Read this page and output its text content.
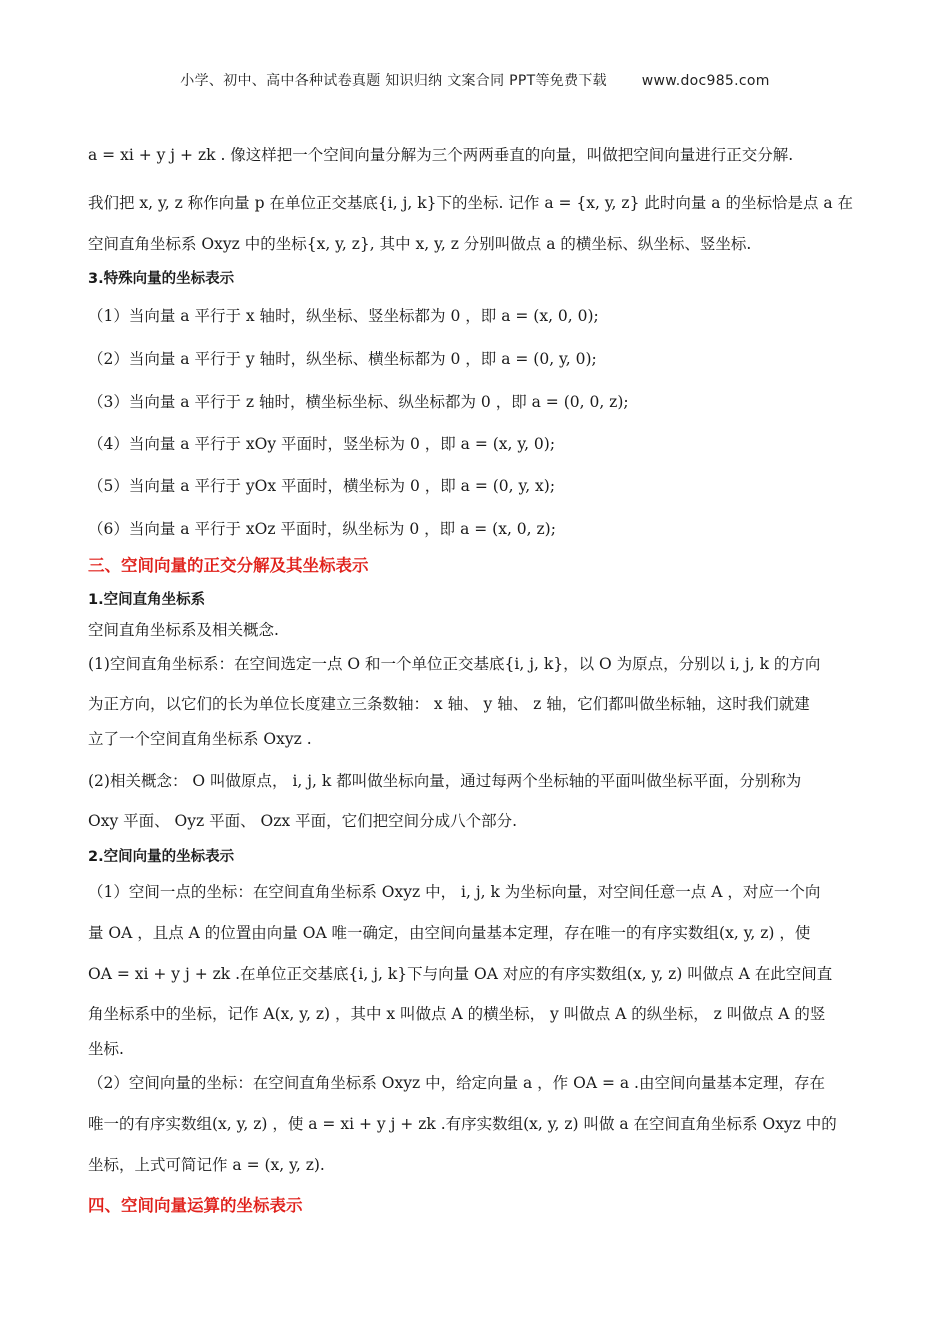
小学、初中、高中各种试卷真题 知识归纳 文案合同 PPT等免费下载 www.doc985.com

a = xi + y j + zk . 像这样把一个空间向量分解为三个两两垂直的向量，叫做把空间向量进行正交分解.

我们把 x, y, z 称作向量 p 在单位正交基底{i, j, k}下的坐标. 记作 a = {x, y, z} 此时向量 a 的坐标恰是点 a 在

空间直角坐标系 Oxyz 中的坐标{x, y, z}, 其中 x, y, z 分别叫做点 a 的横坐标、纵坐标、竖坐标.

3.特殊向量的坐标表示

（1）当向量 a 平行于 x 轴时，纵坐标、竖坐标都为 0 ，即 a = (x, 0, 0);

（2）当向量 a 平行于 y 轴时，纵坐标、横坐标都为 0 ，即 a = (0, y, 0);

（3）当向量 a 平行于 z 轴时，横坐标坐标、纵坐标都为 0 ，即 a = (0, 0, z);

（4）当向量 a 平行于 xOy 平面时，竖坐标为 0 ，即 a = (x, y, 0);

（5）当向量 a 平行于 yOx 平面时，横坐标为 0 ，即 a = (0, y, x);

（6）当向量 a 平行于 xOz 平面时，纵坐标为 0 ，即 a = (x, 0, z);

三、空间向量的正交分解及其坐标表示

1.空间直角坐标系

空间直角坐标系及相关概念.

(1)空间直角坐标系：在空间选定一点 O 和一个单位正交基底{i, j, k}，以 O 为原点，分别以 i, j, k 的方向

为正方向，以它们的长为单位长度建立三条数轴： x 轴、 y 轴、 z 轴，它们都叫做坐标轴，这时我们就建

立了一个空间直角坐标系 Oxyz .

(2)相关概念： O 叫做原点， i, j, k 都叫做坐标向量，通过每两个坐标轴的平面叫做坐标平面，分别称为

Oxy 平面、 Oyz 平面、 Ozx 平面，它们把空间分成八个部分.

2.空间向量的坐标表示

（1）空间一点的坐标：在空间直角坐标系 Oxyz 中， i, j, k 为坐标向量，对空间任意一点 A ，对应一个向

量 OA ，且点 A 的位置由向量 OA 唯一确定，由空间向量基本定理，存在唯一的有序实数组(x, y, z) ，使

OA = xi + y j + zk .在单位正交基底{i, j, k}下与向量 OA 对应的有序实数组(x, y, z) 叫做点 A 在此空间直

角坐标系中的坐标，记作 A(x, y, z) ，其中 x 叫做点 A 的横坐标， y 叫做点 A 的纵坐标， z 叫做点 A 的竖

坐标.

（2）空间向量的坐标：在空间直角坐标系 Oxyz 中，给定向量 a ，作 OA = a .由空间向量基本定理，存在

唯一的有序实数组(x, y, z) ，使 a = xi + y j + zk .有序实数组(x, y, z) 叫做 a 在空间直角坐标系 Oxyz 中的

坐标，上式可简记作 a = (x, y, z).

四、空间向量运算的坐标表示
